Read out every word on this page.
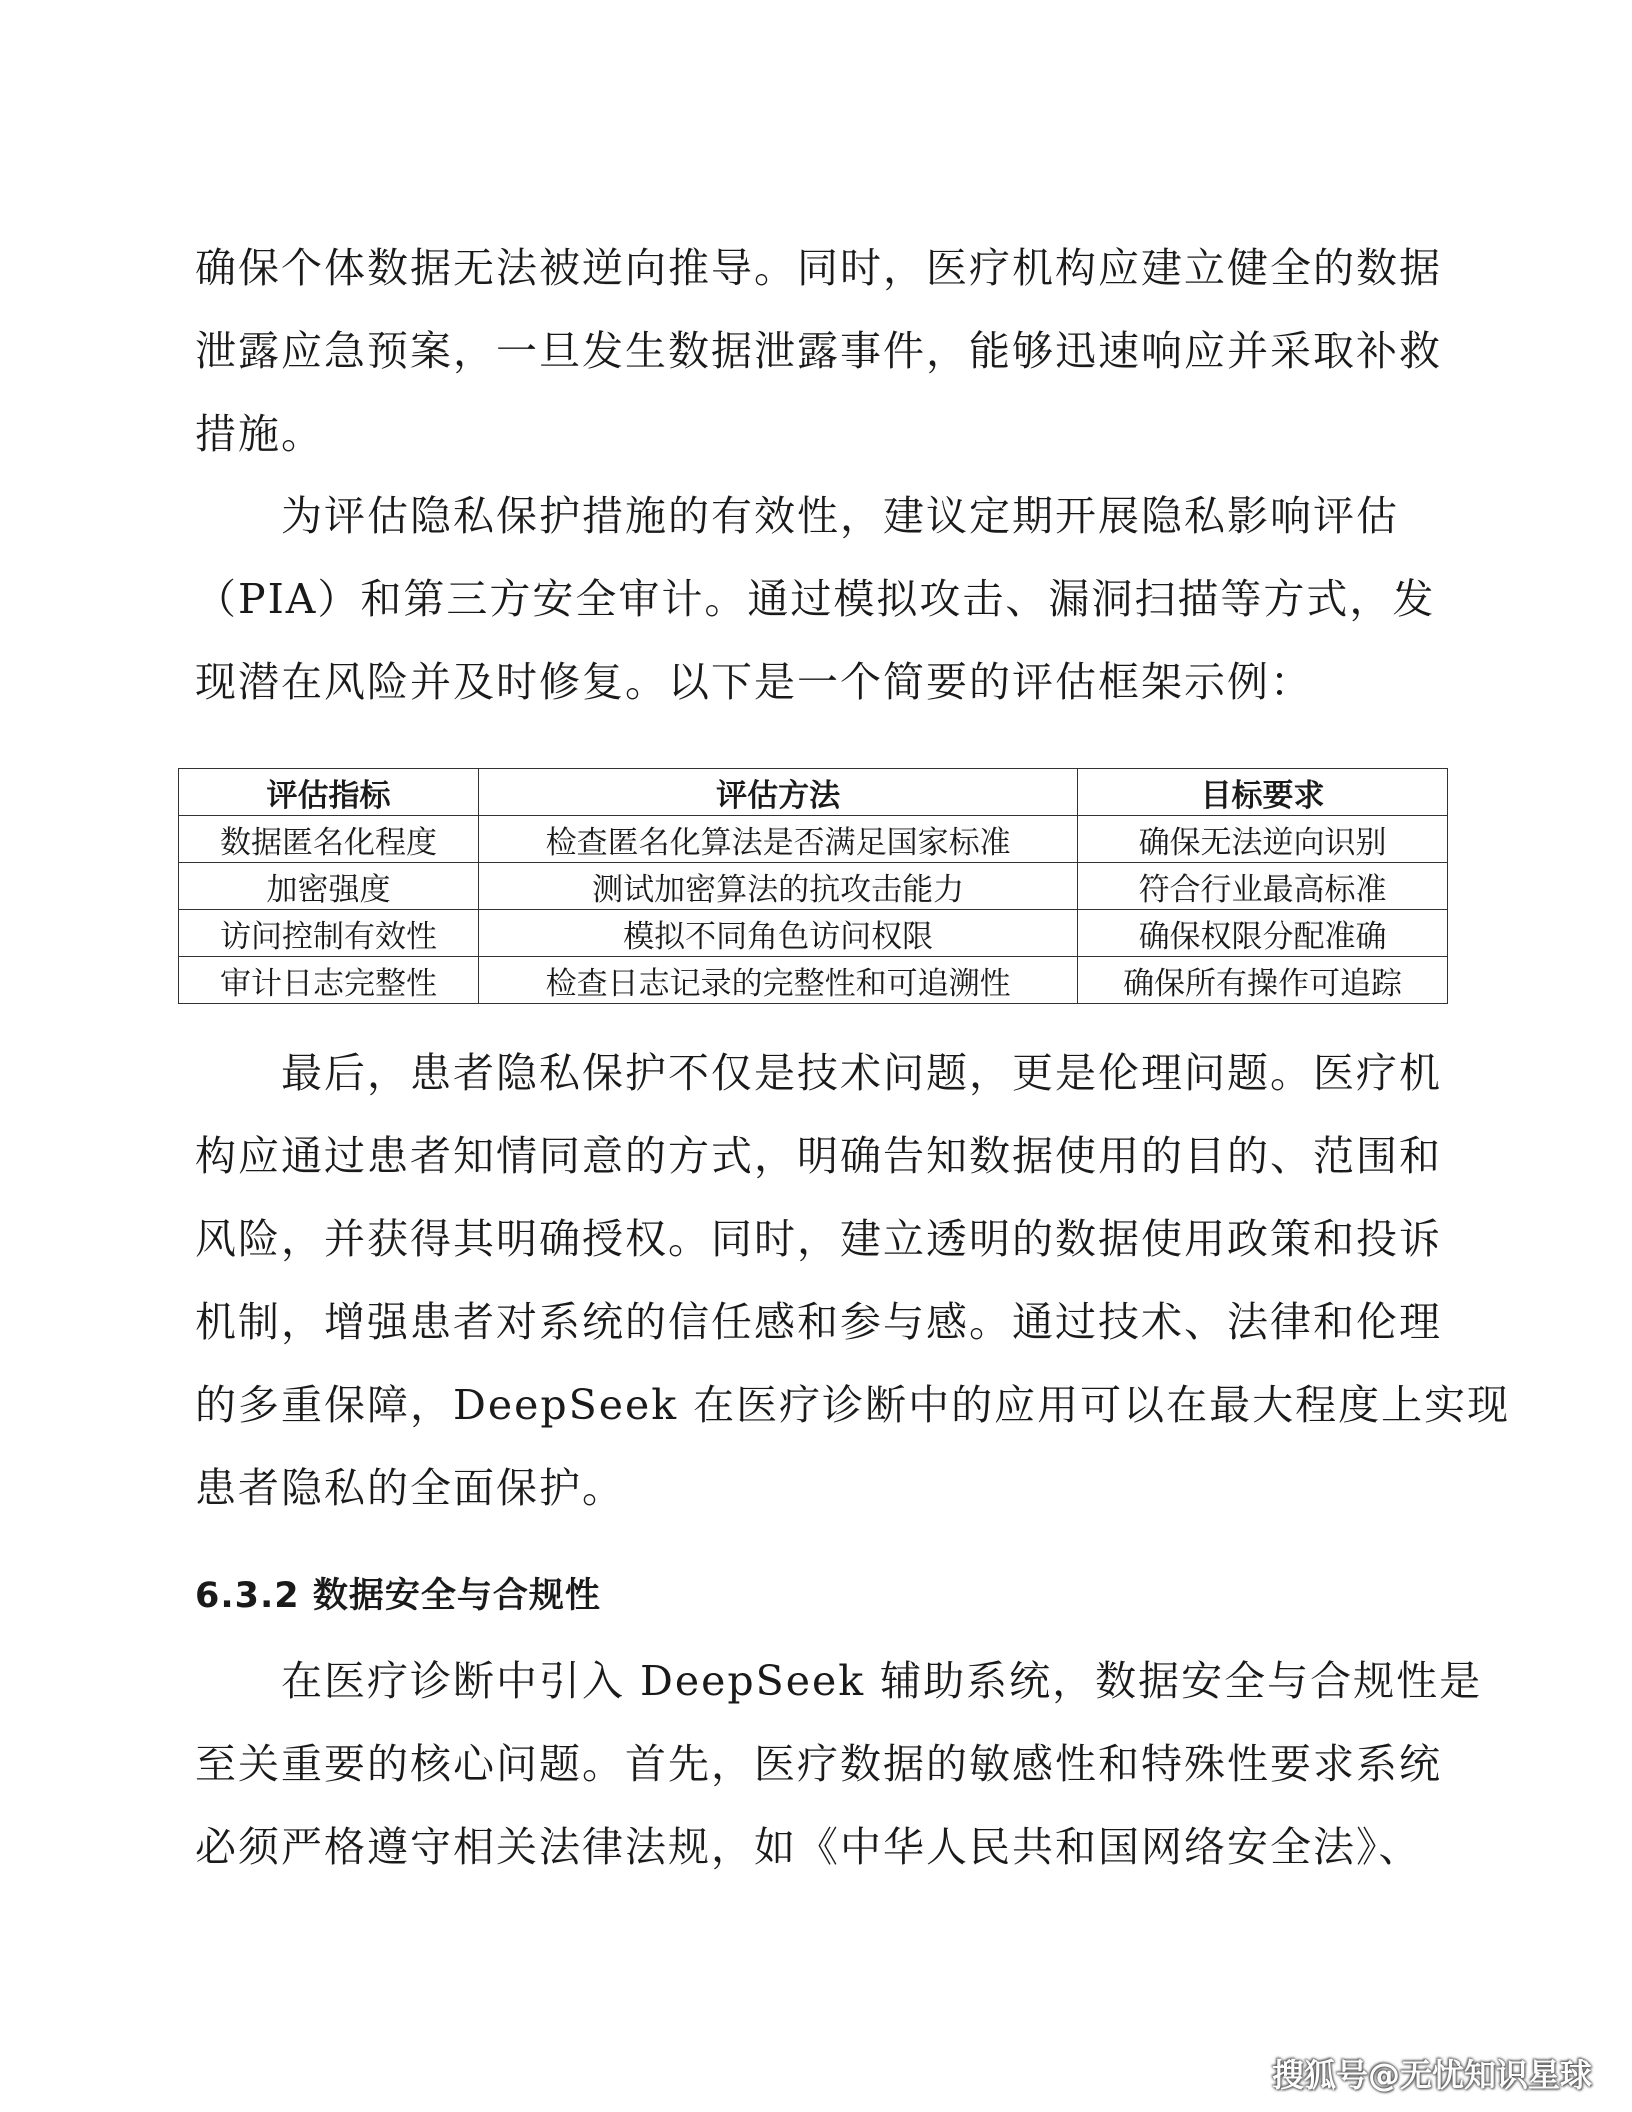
确保个体数据无法被逆向推导。同时，医疗机构应建立健全的数据
泄露应急预案，一旦发生数据泄露事件，能够迅速响应并采取补救
措施。

　　为评估隐私保护措施的有效性，建议定期开展隐私影响评估
（PIA）和第三方安全审计。通过模拟攻击、漏洞扫描等方式，发
现潜在风险并及时修复。以下是一个简要的评估框架示例：

评估指标	评估方法	目标要求
数据匿名化程度	检查匿名化算法是否满足国家标准	确保无法逆向识别
加密强度	测试加密算法的抗攻击能力	符合行业最高标准
访问控制有效性	模拟不同角色访问权限	确保权限分配准确
审计日志完整性	检查日志记录的完整性和可追溯性	确保所有操作可追踪

　　最后，患者隐私保护不仅是技术问题，更是伦理问题。医疗机
构应通过患者知情同意的方式，明确告知数据使用的目的、范围和
风险，并获得其明确授权。同时，建立透明的数据使用政策和投诉
机制，增强患者对系统的信任感和参与感。通过技术、法律和伦理
的多重保障，DeepSeek 在医疗诊断中的应用可以在最大程度上实现
患者隐私的全面保护。

6.3.2 数据安全与合规性

　　在医疗诊断中引入 DeepSeek 辅助系统，数据安全与合规性是
至关重要的核心问题。首先，医疗数据的敏感性和特殊性要求系统
必须严格遵守相关法律法规，如《中华人民共和国网络安全法》、

搜狐号@无忧知识星球
